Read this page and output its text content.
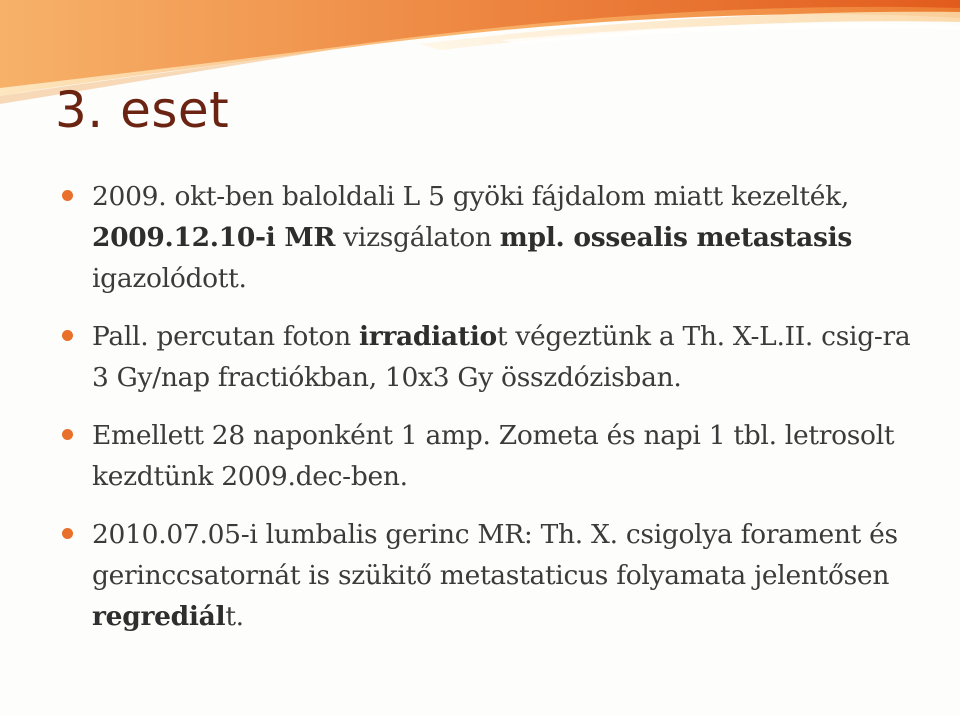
3. eset
2009. okt-ben baloldali L 5 gyöki fájdalom miatt kezelték, 2009.12.10-i MR vizsgálaton mpl. ossealis metastasis igazolódott.
Pall. percutan foton irradiatiot végeztünk a Th. X-L.II. csig-ra 3 Gy/nap fractiókban, 10x3 Gy összdózisban.
Emellett 28 naponként 1 amp. Zometa és napi 1 tbl. letrosolt kezdtünk 2009.dec-ben.
2010.07.05-i lumbalis gerinc MR: Th. X. csigolya forament és gerinccsatornát is szükitő metastaticus folyamata jelentősen regrediált.
